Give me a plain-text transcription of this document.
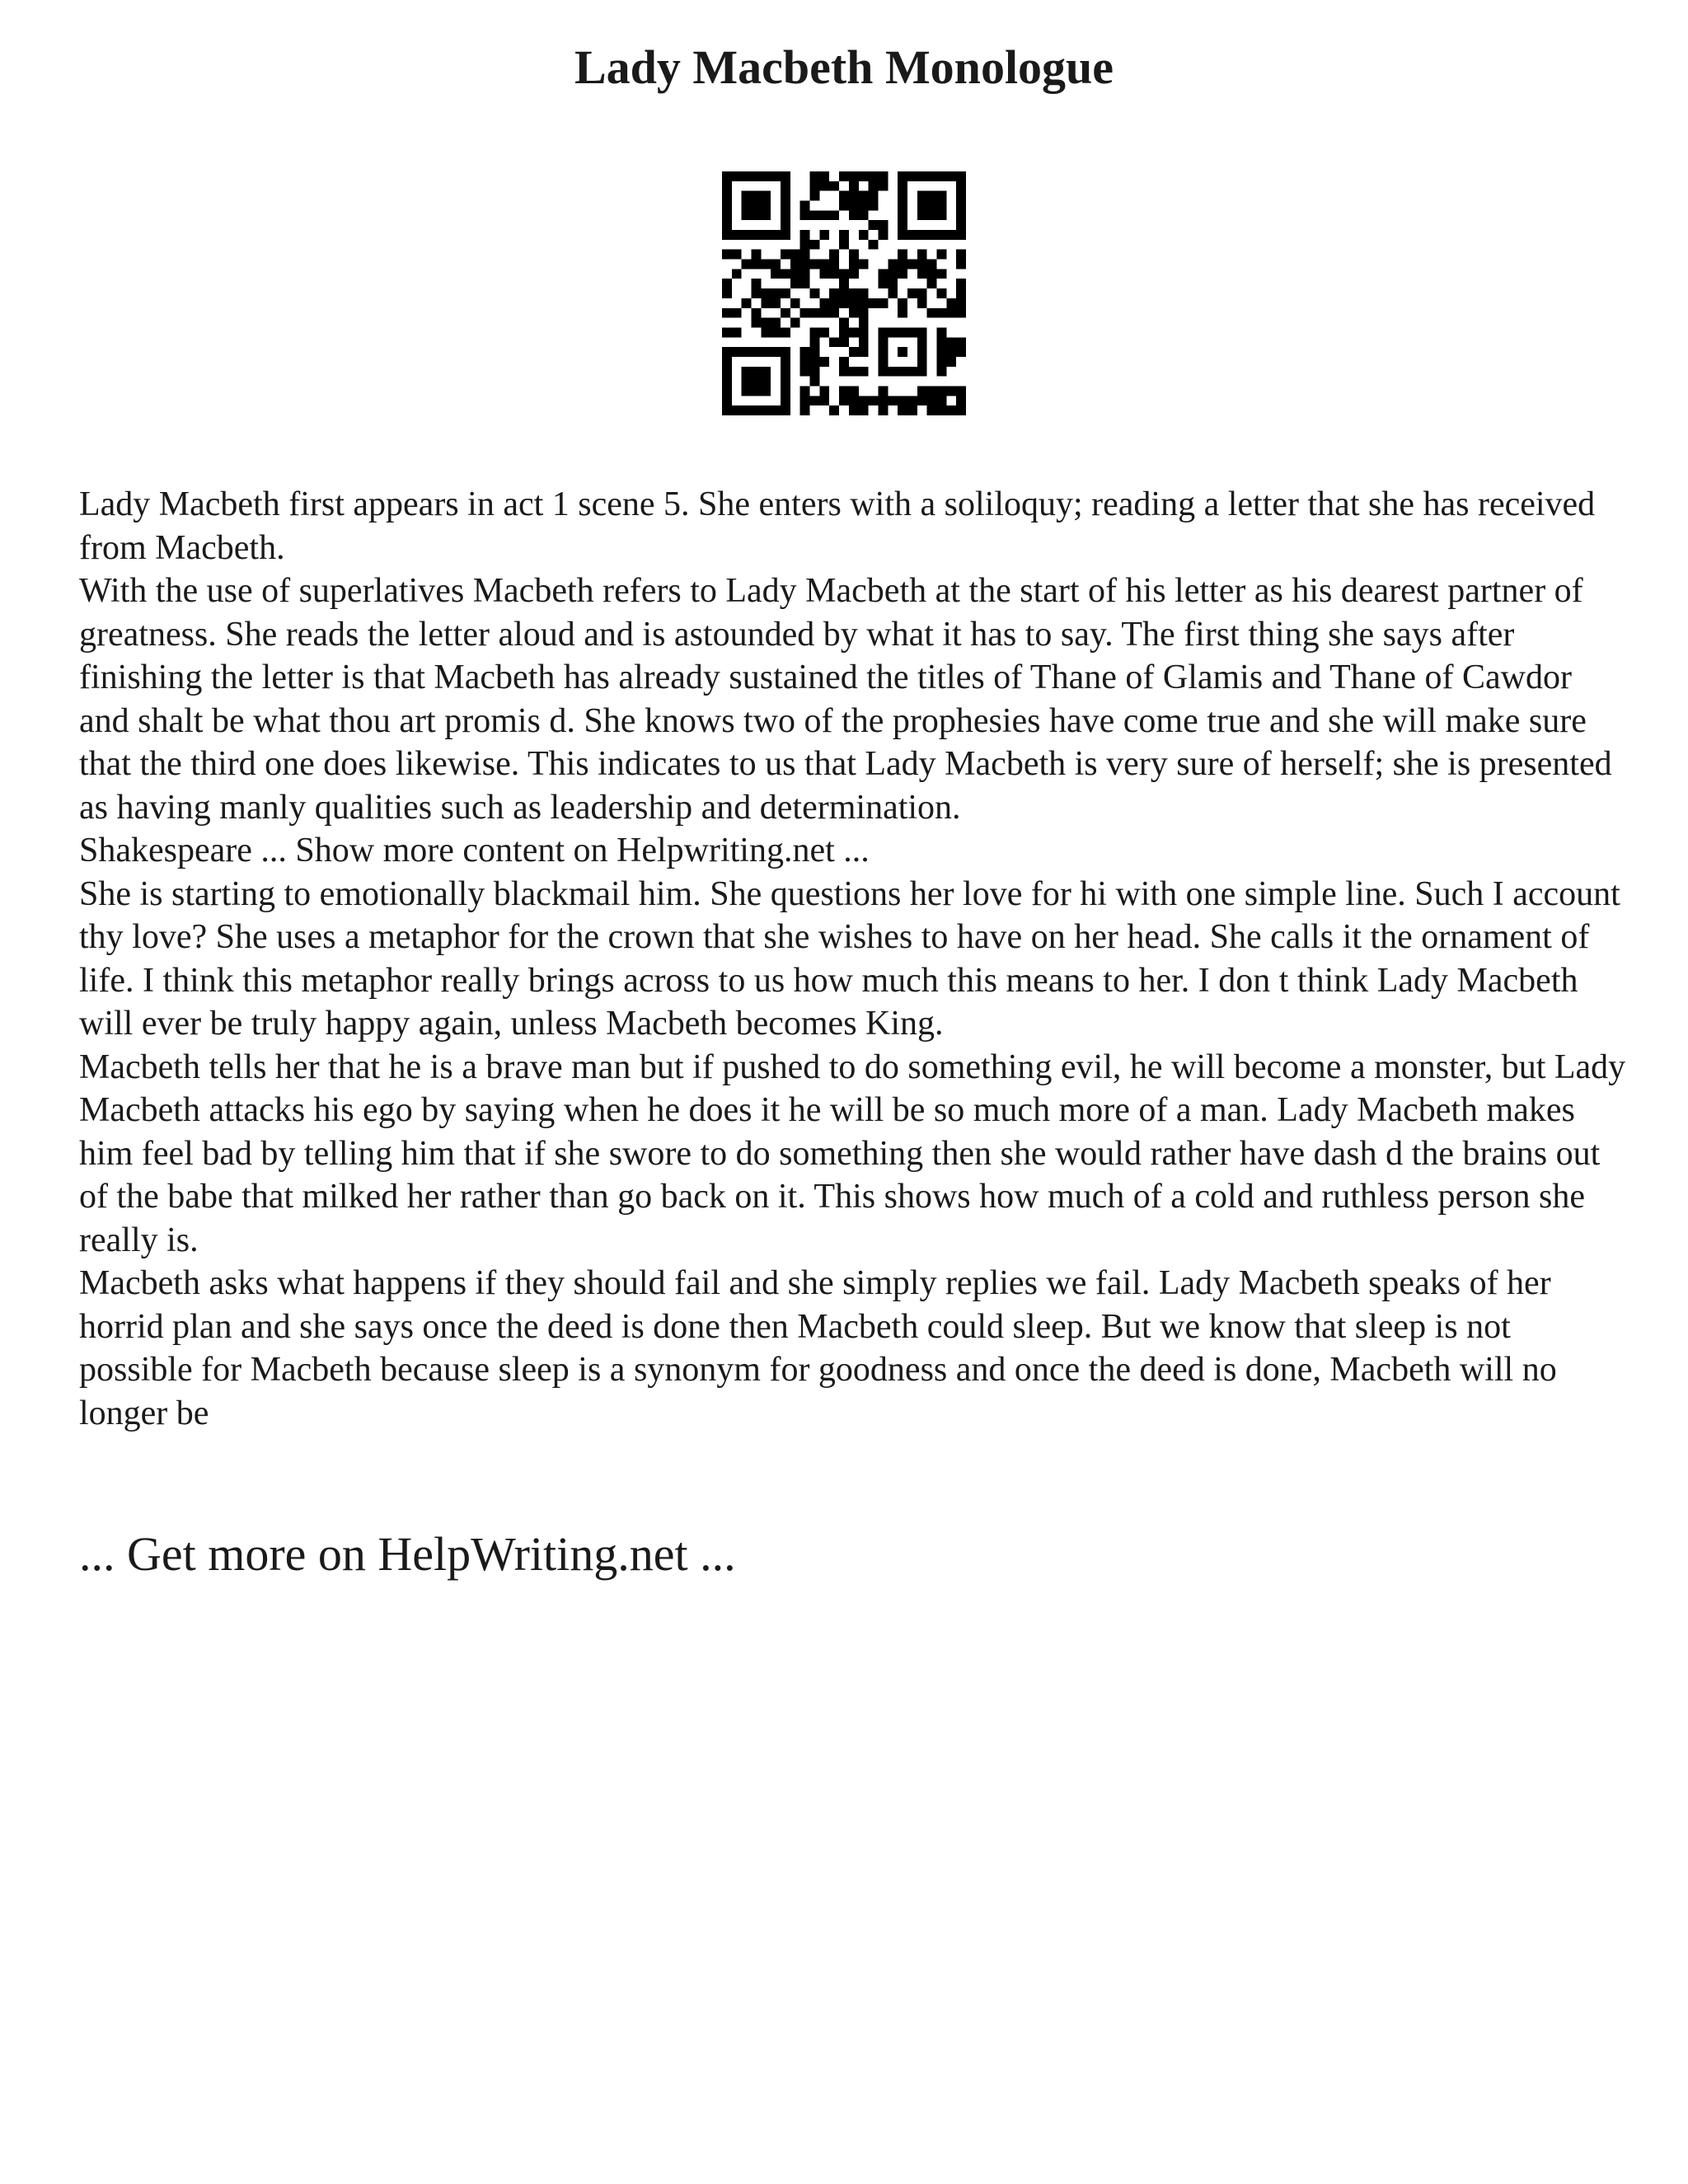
Lady Macbeth Monologue

Lady Macbeth first appears in act 1 scene 5. She enters with a soliloquy; reading a letter that she has received from Macbeth.

With the use of superlatives Macbeth refers to Lady Macbeth at the start of his letter as his dearest partner of greatness. She reads the letter aloud and is astounded by what it has to say. The first thing she says after finishing the letter is that Macbeth has already sustained the titles of Thane of Glamis and Thane of Cawdor and shalt be what thou art promis d. She knows two of the prophesies have come true and she will make sure that the third one does likewise. This indicates to us that Lady Macbeth is very sure of herself; she is presented as having manly qualities such as leadership and determination.

Shakespeare ... Show more content on Helpwriting.net ...

She is starting to emotionally blackmail him. She questions her love for hi with one simple line. Such I account thy love? She uses a metaphor for the crown that she wishes to have on her head. She calls it the ornament of life. I think this metaphor really brings across to us how much this means to her. I don t think Lady Macbeth will ever be truly happy again, unless Macbeth becomes King.

Macbeth tells her that he is a brave man but if pushed to do something evil, he will become a monster, but Lady Macbeth attacks his ego by saying when he does it he will be so much more of a man. Lady Macbeth makes him feel bad by telling him that if she swore to do something then she would rather have dash d the brains out of the babe that milked her rather than go back on it. This shows how much of a cold and ruthless person she really is.

Macbeth asks what happens if they should fail and she simply replies we fail. Lady Macbeth speaks of her horrid plan and she says once the deed is done then Macbeth could sleep. But we know that sleep is not possible for Macbeth because sleep is a synonym for goodness and once the deed is done, Macbeth will no longer be

... Get more on HelpWriting.net ...
